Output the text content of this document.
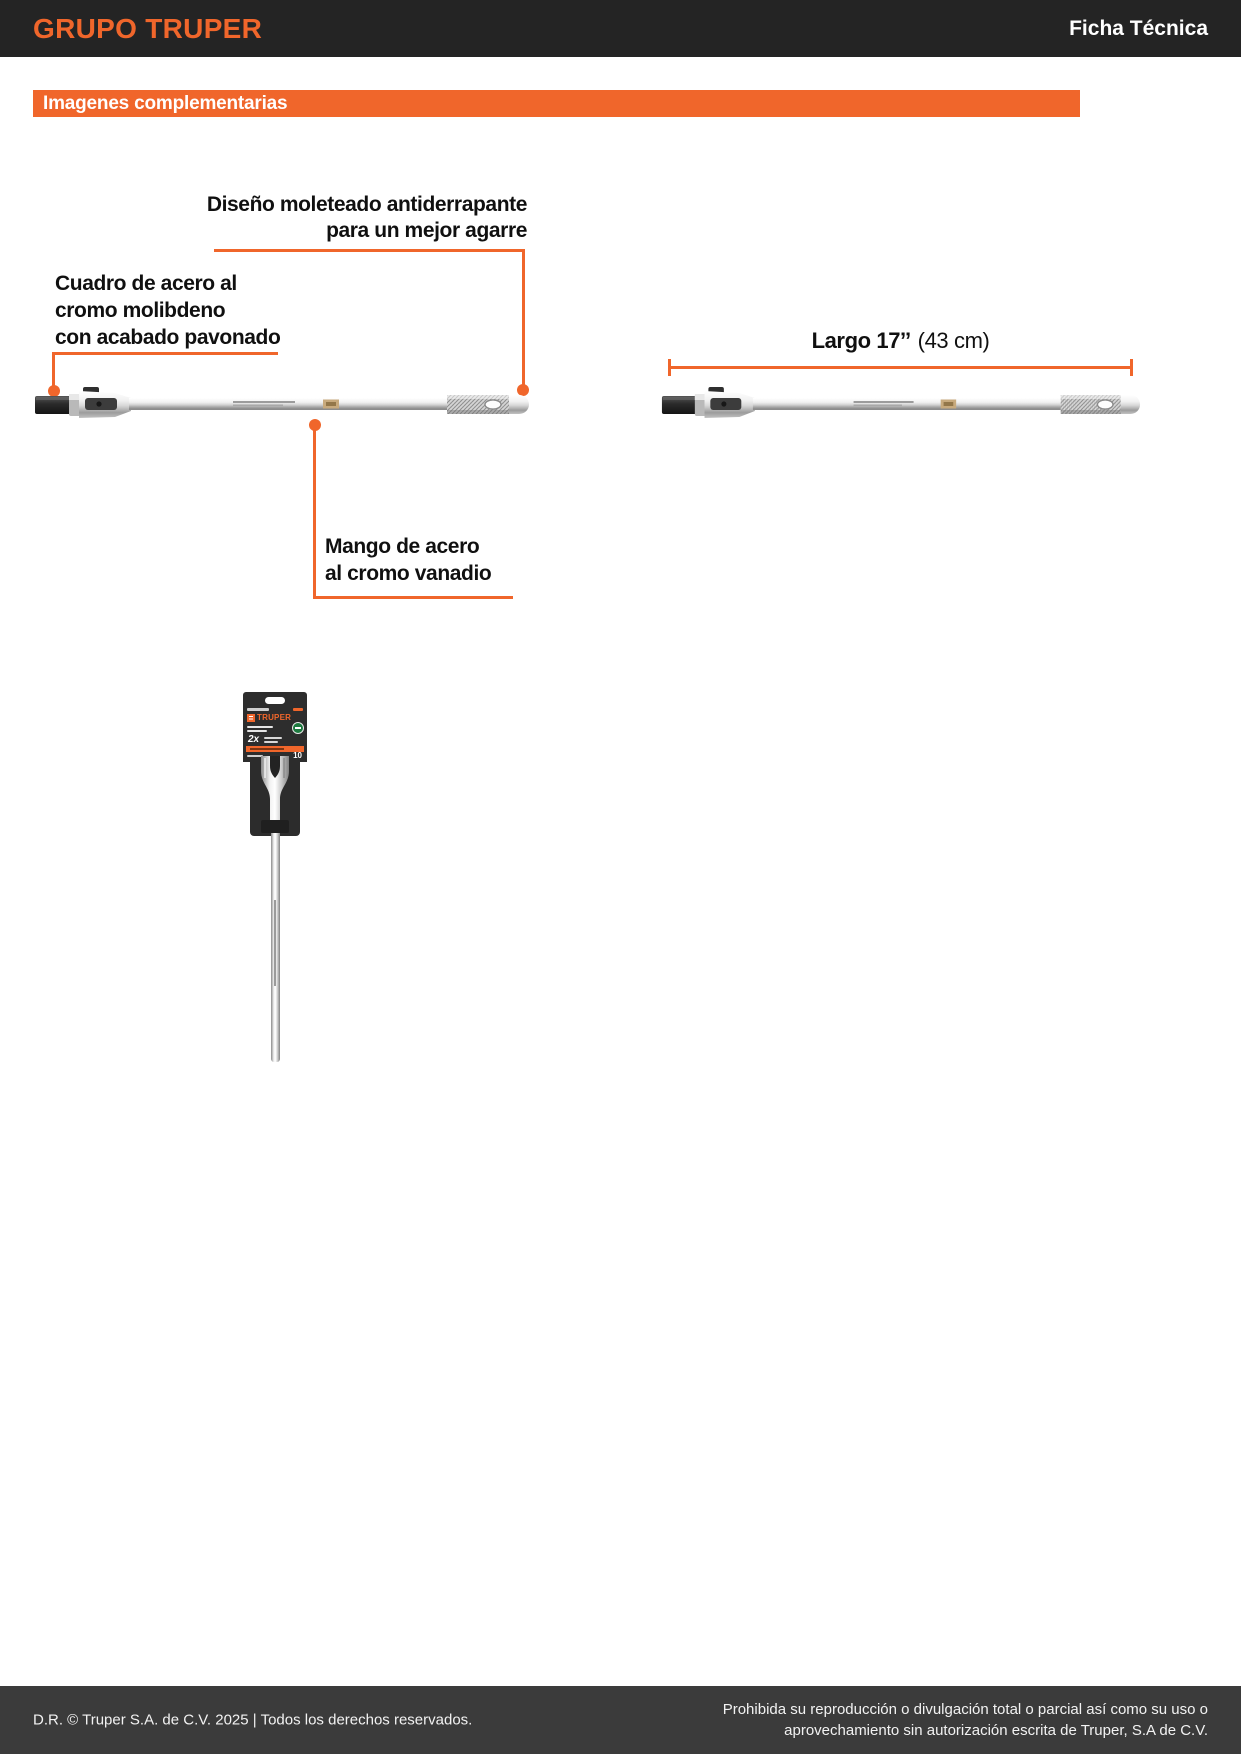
GRUPO TRUPER	Ficha Técnica
Imagenes complementarias
Diseño moleteado antiderrapante
para un mejor agarre
Cuadro de acero al
cromo molibdeno
con acabado pavonado	Largo 17’’ (43 cm)
Mango de acero
al cromo vanadio
TRUPER
2x
10
D.R. © Truper S.A. de C.V. 2025 | Todos los derechos reservados.
Prohibida su reproducción o divulgación total o parcial así como su uso o
aprovechamiento sin autorización escrita de Truper, S.A de C.V.
